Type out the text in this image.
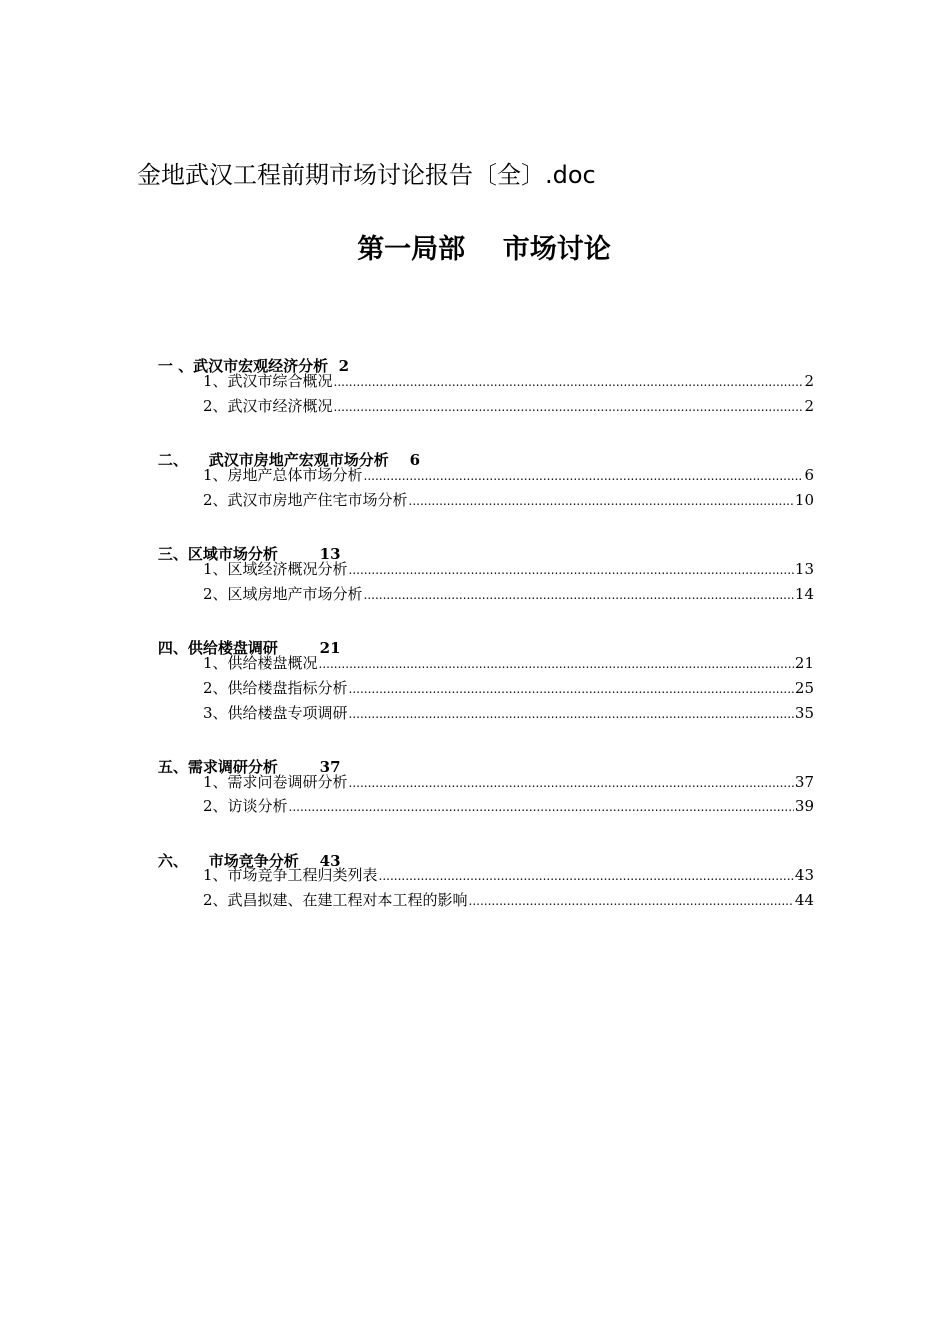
金地武汉工程前期市场讨论报告〔全〕.doc
第一局部    市场讨论

一 、武汉市宏观经济分析  2

1、武汉市综合概况 .....	2
2、武汉市经济概况 .....	2

二、    武汉市房地产宏观市场分析    6

1、房地产总体市场分析 .....	6
2、武汉市房地产住宅市场分析 .....	10

三、区域市场分析        13

1、区域经济概况分析 .....	13
2、区域房地产市场分析 .....	14

四、供给楼盘调研        21

1、供给楼盘概况 .....	21
2、供给楼盘指标分析 .....	25
3、供给楼盘专项调研 .....	35

五、需求调研分析        37

1、需求问卷调研分析 .....	37
2、访谈分析 .....	39

六、    市场竞争分析    43

1、市场竞争工程归类列表 .....	43
2、武昌拟建、在建工程对本工程的影响 .....	44
